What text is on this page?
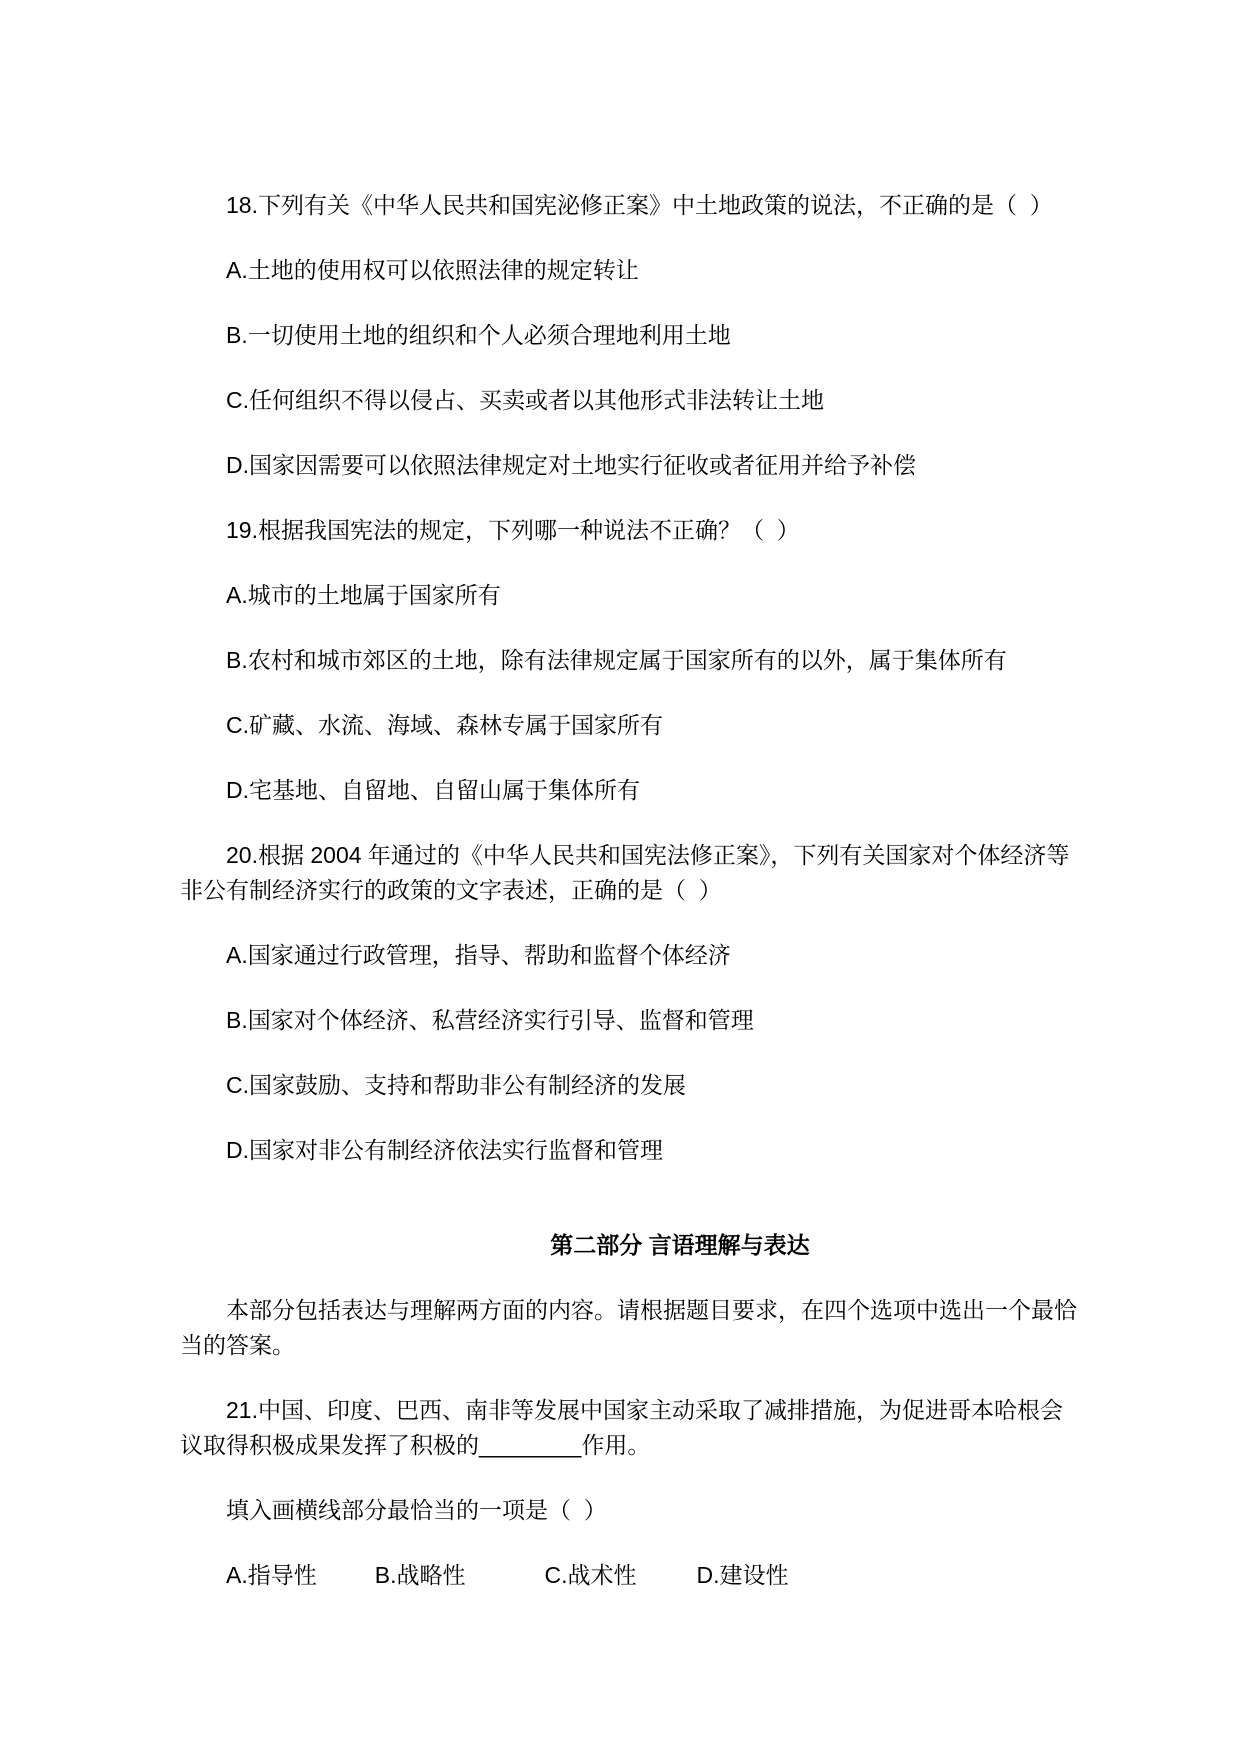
18.下列有关《中华人民共和国宪泌修正案》中土地政策的说法，不正确的是（  ）

A.土地的使用权可以依照法律的规定转让

B.一切使用土地的组织和个人必须合理地利用土地

C.任何组织不得以侵占、买卖或者以其他形式非法转让土地

D.国家因需要可以依照法律规定对土地实行征收或者征用并给予补偿

19.根据我国宪法的规定，下列哪一种说法不正确？（  ）

A.城市的土地属于国家所有

B.农村和城市郊区的土地，除有法律规定属于国家所有的以外，属于集体所有

C.矿藏、水流、海域、森林专属于国家所有

D.宅基地、自留地、自留山属于集体所有

20.根据 2004 年通过的《中华人民共和国宪法修正案》，下列有关国家对个体经济等
非公有制经济实行的政策的文字表述，正确的是（  ）

A.国家通过行政管理，指导、帮助和监督个体经济

B.国家对个体经济、私营经济实行引导、监督和管理

C.国家鼓励、支持和帮助非公有制经济的发展

D.国家对非公有制经济依法实行监督和管理

第二部分 言语理解与表达

本部分包括表达与理解两方面的内容。请根据题目要求，在四个选项中选出一个最恰
当的答案。

21.中国、印度、巴西、南非等发展中国家主动采取了减排措施，为促进哥本哈根会
议取得积极成果发挥了积极的________作用。

填入画横线部分最恰当的一项是（  ）

A.指导性	B.战略性	C.战术性	D.建设性
